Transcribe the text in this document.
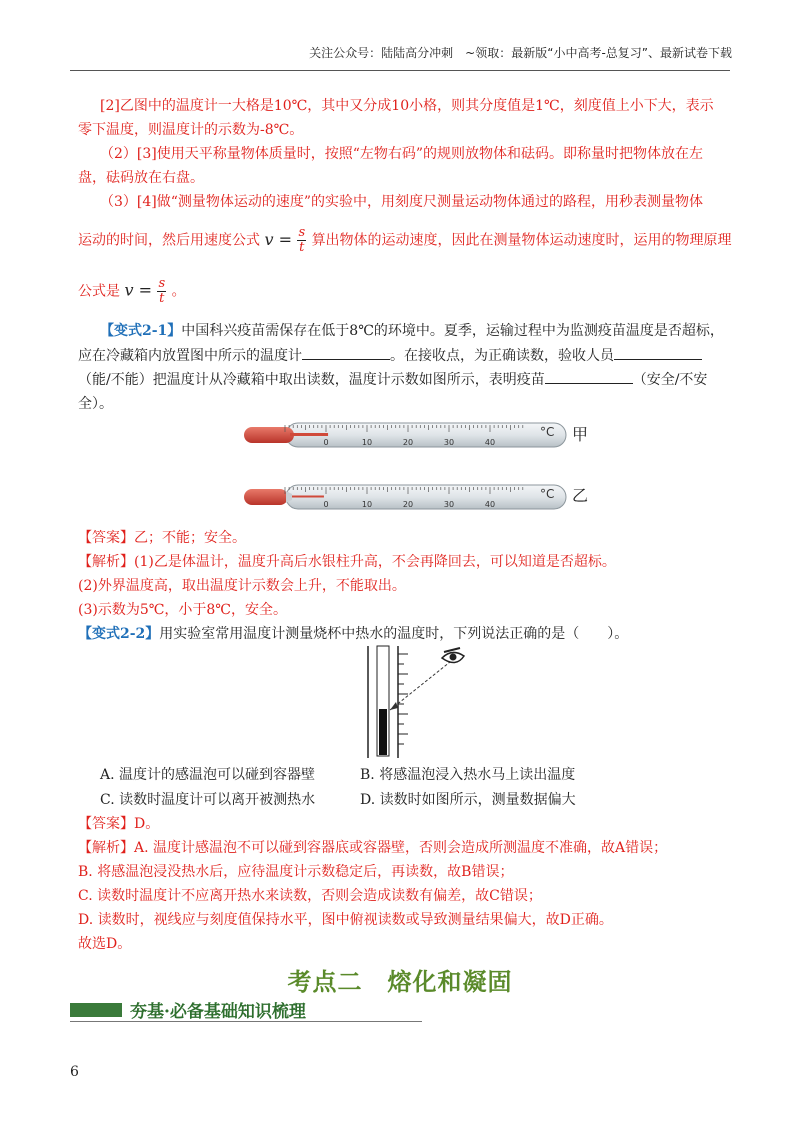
关注公众号：陆陆高分冲刺　~领取：最新版“小中高考-总复习”、最新试卷下载
[2]乙图中的温度计一大格是10℃，其中又分成10小格，则其分度值是1℃，刻度值上小下大，表示
零下温度，则温度计的示数为-8℃。
（2）[3]使用天平称量物体质量时，按照“左物右码”的规则放物体和砝码。即称量时把物体放在左
盘，砝码放在右盘。
（3）[4]做“测量物体运动的速度”的实验中，用刻度尺测量运动物体通过的路程，用秒表测量物体
运动的时间，然后用速度公式 $v = \frac{s}{t}$ 算出物体的运动速度，因此在测量物体运动速度时，运用的物理原理
公式是 $v = \frac{s}{t}$ 。
【变式2-1】中国科兴疫苗需保存在低于8℃的环境中。夏季，运输过程中为监测疫苗温度是否超标，
应在冷藏箱内放置图中所示的温度计	。在接收点，为正确读数，验收人员
（能/不能）把温度计从冷藏箱中取出读数，温度计示数如图所示，表明疫苗	（安全/不安
全）。
0	10	20	30	40
°C 甲
0	10	20	30	40
°C 乙
【答案】乙；不能；安全。
【解析】(1)乙是体温计，温度升高后水银柱升高，不会再降回去，可以知道是否超标。
(2)外界温度高，取出温度计示数会上升，不能取出。
(3)示数为5℃，小于8℃，安全。
【变式2-2】用实验室常用温度计测量烧杯中热水的温度时，下列说法正确的是（　　）。
A. 温度计的感温泡可以碰到容器壁	B. 将感温泡浸入热水马上读出温度
C. 读数时温度计可以离开被测热水	D. 读数时如图所示，测量数据偏大
【答案】D。
【解析】A. 温度计感温泡不可以碰到容器底或容器壁，否则会造成所测温度不准确，故A错误；
B. 将感温泡浸没热水后，应待温度计示数稳定后，再读数，故B错误；
C. 读数时温度计不应离开热水来读数，否则会造成读数有偏差，故C错误；
D. 读数时，视线应与刻度值保持水平，图中俯视读数或导致测量结果偏大，故D正确。
故选D。
考点二　熔化和凝固
夯基·必备基础知识梳理
6
